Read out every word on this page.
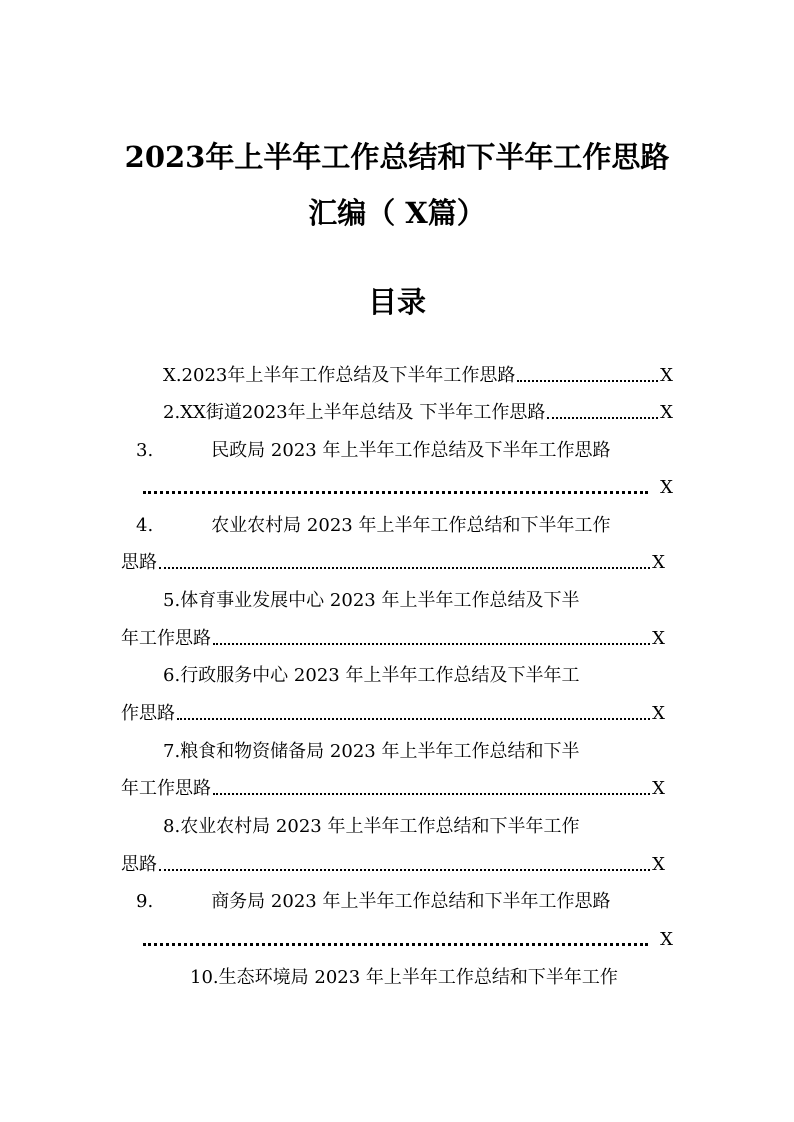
2023年上半年工作总结和下半年工作思路
汇编（ X篇）
目录
X. 2023年上半年工作总结及下半年工作思路	X
2. XX街道2023年上半年总结及 下半年工作思路	X
3.	民政局 2023 年上半年工作总结及下半年工作思路
X
4.	农业农村局 2023 年上半年工作总结和下半年工作
思路	X
5. 体育事业发展中心 2023 年上半年工作总结及下半
年工作思路	X
6. 行政服务中心 2023 年上半年工作总结及下半年工
作思路	X
7. 粮食和物资储备局 2023 年上半年工作总结和下半
年工作思路	X
8. 农业农村局 2023 年上半年工作总结和下半年工作
思路	X
9.	商务局 2023 年上半年工作总结和下半年工作思路
X
10. 生态环境局 2023 年上半年工作总结和下半年工作
